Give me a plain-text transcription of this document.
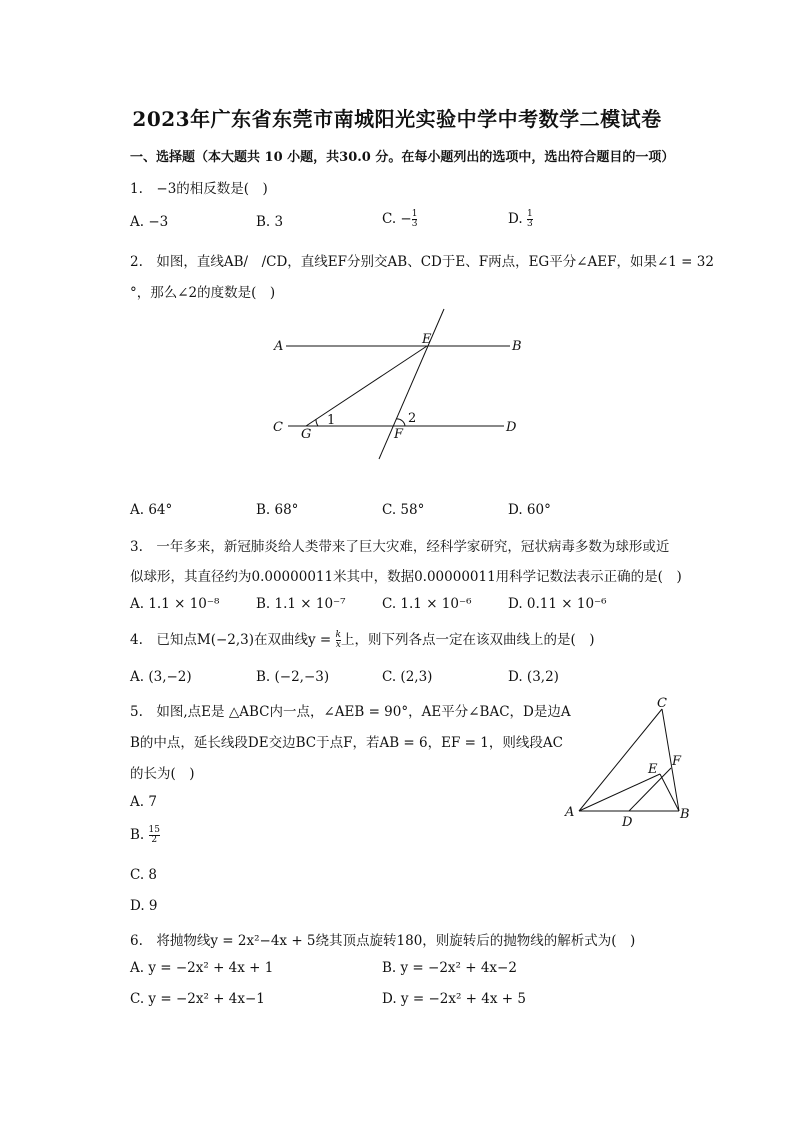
2023年广东省东莞市南城阳光实验中学中考数学二模试卷
一、选择题（本大题共 10 小题，共30.0 分。在每小题列出的选项中，选出符合题目的一项）
1.　−3的相反数是(　)
A. −3	B. 3	C. − $\frac{1}{3}$	D. $\frac{1}{3}$
2.　如图，直线AB/　/CD，直线EF分别交AB、CD于E、F两点，EG平分∠AEF，如果∠1 = 32
°，那么∠2的度数是(　)
A	B
C	D
E
F
G
1	2
A. 64°	B. 68°	C. 58°	D. 60°
3.　一年多来，新冠肺炎给人类带来了巨大灾难，经科学家研究，冠状病毒多数为球形或近
似球形，其直径约为0.00000011米其中，数据0.00000011用科学记数法表示正确的是(　)
A. 1.1 × 10⁻⁸	B. 1.1 × 10⁻⁷	C. 1.1 × 10⁻⁶	D. 0.11 × 10⁻⁶
4.　已知点M(−2,3)在双曲线$y = \frac{k}{x}$ 上，则下列各点一定在该双曲线上的是(　)
A. (3,−2)	B. (−2,−3)	C. (2,3)	D. (3,2)
5.　如图,点E是 △ABC内一点，∠AEB = 90°，AE平分∠BAC，D是边A
B的中点，延长线段DE交边BC于点F，若AB = 6，EF = 1，则线段AC
的长为(　)
A	B
C
D
E
F
A. 7
B. $\frac{15}{2}$
C. 8
D. 9
6.　将抛物线y = 2x²−4x + 5绕其顶点旋转180，则旋转后的抛物线的解析式为(　)
A. y = −2x² + 4x + 1	B. y = −2x² + 4x−2
C. y = −2x² + 4x−1	D. y = −2x² + 4x + 5
